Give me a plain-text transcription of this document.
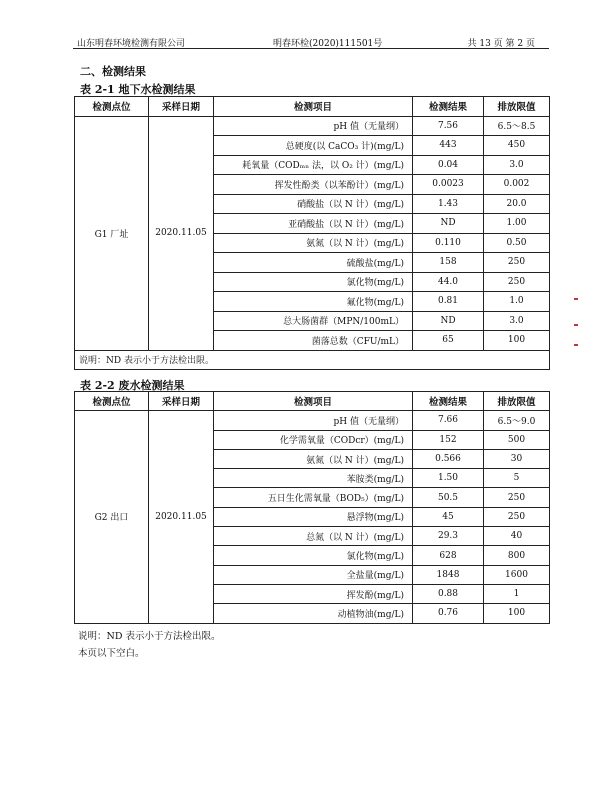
山东明春环境检测有限公司	明春环检(2020)111501号	共 13 页 第 2 页
二、检测结果
表 2-1 地下水检测结果
检测点位	采样日期	检测项目	检测结果	排放限值
G1 厂址	2020.11.05	pH 值（无量纲）	7.56	6.5～8.5
		总硬度(以 CaCO₃ 计)(mg/L)	443	450
		耗氧量（CODₘₙ 法，以 O₂ 计）(mg/L)	0.04	3.0
		挥发性酚类（以苯酚计）(mg/L)	0.0023	0.002
		硝酸盐（以 N 计）(mg/L)	1.43	20.0
		亚硝酸盐（以 N 计）(mg/L)	ND	1.00
		氨氮（以 N 计）(mg/L)	0.110	0.50
		硫酸盐(mg/L)	158	250
		氯化物(mg/L)	44.0	250
		氟化物(mg/L)	0.81	1.0
		总大肠菌群（MPN/100mL）	ND	3.0
		菌落总数（CFU/mL）	65	100
说明：ND 表示小于方法检出限。				
表 2-2 废水检测结果
检测点位	采样日期	检测项目	检测结果	排放限值
G2 出口	2020.11.05	pH 值（无量纲）	7.66	6.5～9.0
		化学需氧量（CODcr）(mg/L)	152	500
		氨氮（以 N 计）(mg/L)	0.566	30
		苯胺类(mg/L)	1.50	5
		五日生化需氧量（BOD₅）(mg/L)	50.5	250
		悬浮物(mg/L)	45	250
		总氮（以 N 计）(mg/L)	29.3	40
		氯化物(mg/L)	628	800
		全盐量(mg/L)	1848	1600
		挥发酚(mg/L)	0.88	1
		动植物油(mg/L)	0.76	100
说明：ND 表示小于方法检出限。
本页以下空白。
